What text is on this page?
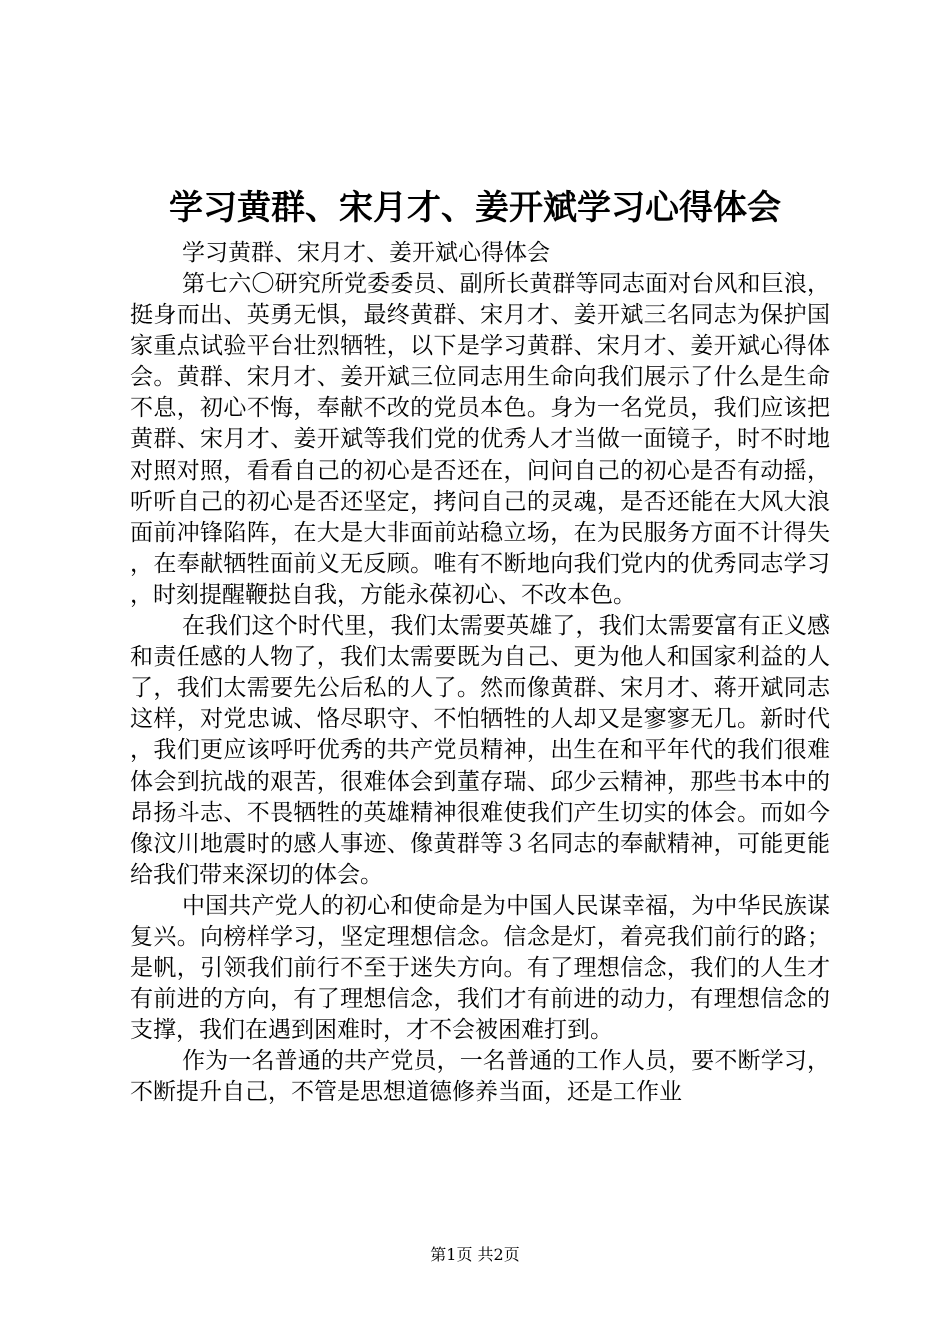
学习黄群、宋月才、姜开斌学习心得体会
学习黄群、宋月才、姜开斌心得体会

第七六〇研究所党委委员、副所长黄群等同志面对台风和巨浪，挺身而出、英勇无惧，最终黄群、宋月才、姜开斌三名同志为保护国家重点试验平台壮烈牺牲，以下是学习黄群、宋月才、姜开斌心得体会。黄群、宋月才、姜开斌三位同志用生命向我们展示了什么是生命不息，初心不悔，奉献不改的党员本色。身为一名党员，我们应该把黄群、宋月才、姜开斌等我们党的优秀人才当做一面镜子，时不时地对照对照，看看自己的初心是否还在，问问自己的初心是否有动摇，听听自己的初心是否还坚定，拷问自己的灵魂，是否还能在大风大浪面前冲锋陷阵，在大是大非面前站稳立场，在为民服务方面不计得失，在奉献牺牲面前义无反顾。唯有不断地向我们党内的优秀同志学习，时刻提醒鞭挞自我，方能永葆初心、不改本色。

在我们这个时代里，我们太需要英雄了，我们太需要富有正义感和责任感的人物了，我们太需要既为自己、更为他人和国家利益的人了，我们太需要先公后私的人了。然而像黄群、宋月才、蒋开斌同志这样，对党忠诚、恪尽职守、不怕牺牲的人却又是寥寥无几。新时代，我们更应该呼吁优秀的共产党员精神，出生在和平年代的我们很难体会到抗战的艰苦，很难体会到董存瑞、邱少云精神，那些书本中的昂扬斗志、不畏牺牲的英雄精神很难使我们产生切实的体会。而如今像汶川地震时的感人事迹、像黄群等３名同志的奉献精神，可能更能给我们带来深切的体会。

中国共产党人的初心和使命是为中国人民谋幸福，为中华民族谋复兴。向榜样学习，坚定理想信念。信念是灯，着亮我们前行的路；是帆，引领我们前行不至于迷失方向。有了理想信念，我们的人生才有前进的方向，有了理想信念，我们才有前进的动力，有理想信念的支撑，我们在遇到困难时，才不会被困难打到。

作为一名普通的共产党员，一名普通的工作人员，要不断学习，不断提升自己，不管是思想道德修养当面，还是工作业

第1页 共2页
